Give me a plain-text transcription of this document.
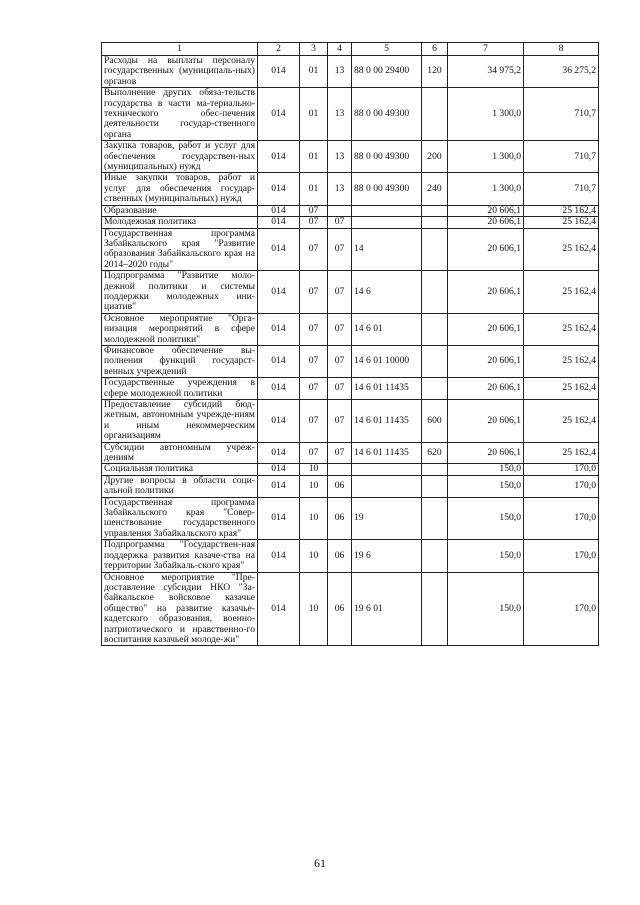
1	2	3	4	5	6	7	8
Расходы на выплаты персоналу государственных (муниципаль-ных) органов	014	01	13	88 0 00 29400	120	34 975,2	36 275,2
Выполнение других обяза-тельств государства в части ма-териально-технического обес-печения деятельности государ-ственного органа	014	01	13	88 0 00 49300		1 300,0	710,7
Закупка товаров, работ и услуг для обеспечения государствен-ных (муниципальных) нужд	014	01	13	88 0 00 49300	200	1 300,0	710,7
Иные закупки товаров, работ и услуг для обеспечения государ-ственных (муниципальных) нужд	014	01	13	88 0 00 49300	240	1 300,0	710,7
Образование	014	07				20 606,1	25 162,4
Молодежная политика	014	07	07			20 606,1	25 162,4
Государственная программа Забайкальского края "Развитие образования Забайкальского края на 2014–2020 годы"	014	07	07	14		20 606,1	25 162,4
Подпрограмма "Развитие моло-дежной политики и системы поддержки молодежных ини-циатив"	014	07	07	14 6		20 606,1	25 162,4
Основное мероприятие "Орга-низация мероприятий в сфере молодежной политики"	014	07	07	14 6 01		20 606,1	25 162,4
Финансовое обеспечение вы-полнения функций государст-венных учреждений	014	07	07	14 6 01 10000		20 606,1	25 162,4
Государственные учреждения в сфере молодежной политики	014	07	07	14 6 01 11435		20 606,1	25 162,4
Предоставление субсидий бюд-жетным, автономным учрежде-ниям и иным некоммерческим организациям	014	07	07	14 6 01 11435	600	20 606,1	25 162,4
Субсидии автономным учреж-дениям	014	07	07	14 6 01 11435	620	20 606,1	25 162,4
Социальная политика	014	10				150,0	170,0
Другие вопросы в области соци-альной политики	014	10	06			150,0	170,0
Государственная программа Забайкальского края "Совер-шенствование государственного управления Забайкальского края"	014	10	06	19		150,0	170,0
Подпрограмма "Государствен-ная поддержка развития казаче-ства на территории Забайкаль-ского края"	014	10	06	19 6		150,0	170,0
Основное мероприятие "Пре-доставление субсидии НКО "За-байкальское войсковое казачье общество" на развитие казачье-кадетского образования, военно-патриотического и нравственно-го воспитания казачьей молоде-жи"	014	10	06	19 6 01		150,0	170,0
61
